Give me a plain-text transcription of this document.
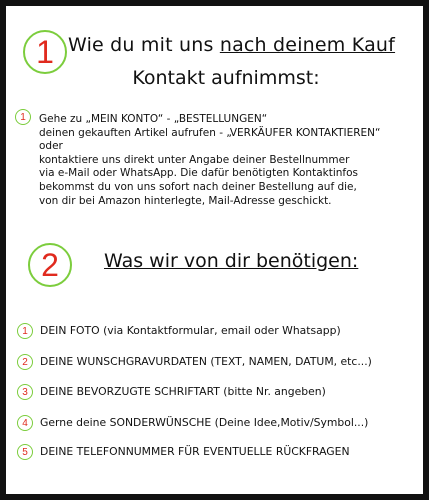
1 Wie du mit uns nach deinem Kauf
Kontakt aufnimmst:
1 Gehe zu „MEIN KONTO“ - „BESTELLUNGEN“
deinen gekauften Artikel aufrufen - „VERKÄUFER KONTAKTIEREN“
oder
kontaktiere uns direkt unter Angabe deiner Bestellnummer
via e-Mail oder WhatsApp. Die dafür benötigten Kontaktinfos
bekommst du von uns sofort nach deiner Bestellung auf die,
von dir bei Amazon hinterlegte, Mail-Adresse geschickt.
2 Was wir von dir benötigen:
1 DEIN FOTO (via Kontaktformular, email oder Whatsapp)
2 DEINE WUNSCHGRAVURDATEN (TEXT, NAMEN, DATUM, etc...)
3 DEINE BEVORZUGTE SCHRIFTART (bitte Nr. angeben)
4 Gerne deine SONDERWÜNSCHE (Deine Idee,Motiv/Symbol...)
5 DEINE TELEFONNUMMER FÜR EVENTUELLE RÜCKFRAGEN
